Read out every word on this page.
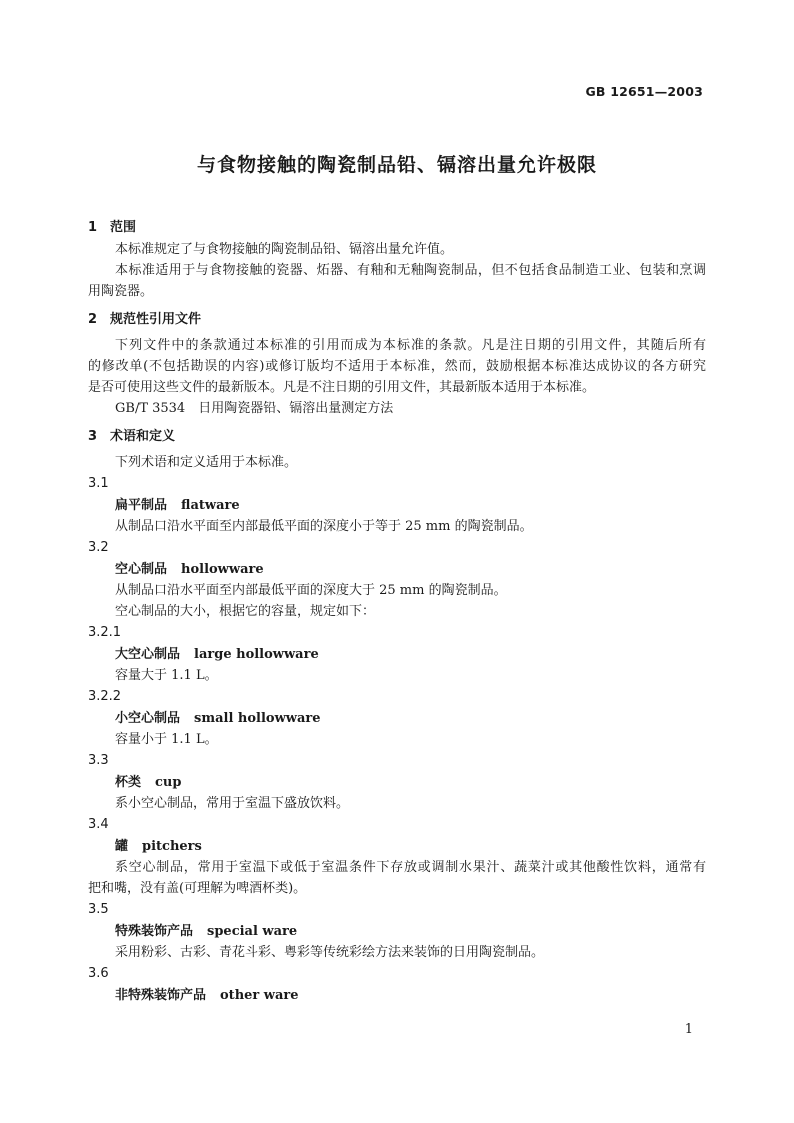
GB 12651—2003
与食物接触的陶瓷制品铅、镉溶出量允许极限
1 范围
本标准规定了与食物接触的陶瓷制品铅、镉溶出量允许值。
本标准适用于与食物接触的瓷器、炻器、有釉和无釉陶瓷制品，但不包括食品制造工业、包装和烹调
用陶瓷器。
2 规范性引用文件
下列文件中的条款通过本标准的引用而成为本标准的条款。凡是注日期的引用文件，其随后所有
的修改单(不包括勘误的内容)或修订版均不适用于本标准，然而，鼓励根据本标准达成协议的各方研究
是否可使用这些文件的最新版本。凡是不注日期的引用文件，其最新版本适用于本标准。
GB/T 3534　日用陶瓷器铅、镉溶出量测定方法
3 术语和定义
下列术语和定义适用于本标准。
3.1
扁平制品 flatware
从制品口沿水平面至内部最低平面的深度小于等于 25 mm 的陶瓷制品。
3.2
空心制品 hollowware
从制品口沿水平面至内部最低平面的深度大于 25 mm 的陶瓷制品。
空心制品的大小，根据它的容量，规定如下：
3.2.1
大空心制品 large hollowware
容量大于 1.1 L。
3.2.2
小空心制品 small hollowware
容量小于 1.1 L。
3.3
杯类 cup
系小空心制品，常用于室温下盛放饮料。
3.4
罐 pitchers
系空心制品，常用于室温下或低于室温条件下存放或调制水果汁、蔬菜汁或其他酸性饮料，通常有
把和嘴，没有盖(可理解为啤酒杯类)。
3.5
特殊装饰产品 special ware
采用粉彩、古彩、青花斗彩、粤彩等传统彩绘方法来装饰的日用陶瓷制品。
3.6
非特殊装饰产品 other ware
1
